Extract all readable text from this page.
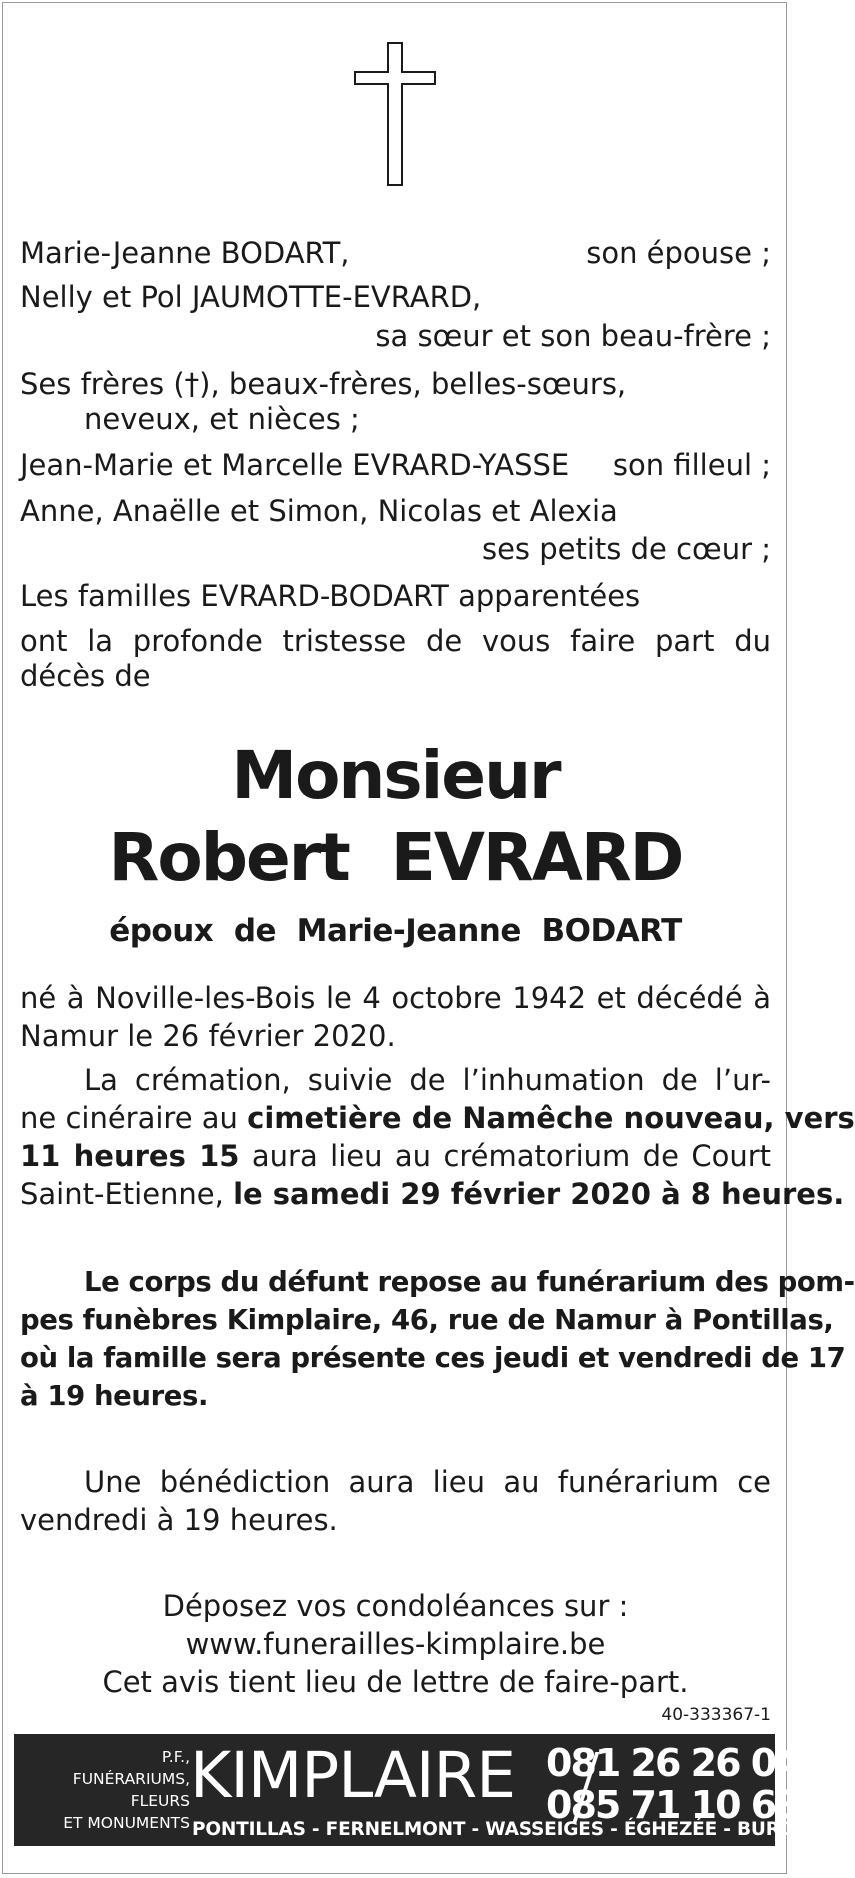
Marie-Jeanne BODART,	son épouse ;
Nelly et Pol JAUMOTTE-EVRARD,
sa sœur et son beau-frère ;
Ses frères (†), beaux-frères, belles-sœurs,
neveux, et nièces ;
Jean-Marie et Marcelle EVRARD-YASSE son filleul ;
Anne, Anaëlle et Simon, Nicolas et Alexia
ses petits de cœur ;
Les familles EVRARD-BODART apparentées
ont la profonde tristesse de vous faire part du
décès de
Monsieur
Robert  EVRARD
époux  de  Marie-Jeanne  BODART
né à Noville-les-Bois le 4 octobre 1942 et décédé à
Namur le 26 février 2020.
La crémation, suivie de l’inhumation de l’ur-
ne cinéraire au cimetière de Namêche nouveau, vers
11 heures 15 aura lieu au crématorium de Court
Saint-Etienne, le samedi 29 février 2020 à 8 heures.
Le corps du défunt repose au funérarium des pom-
pes funèbres Kimplaire, 46, rue de Namur à Pontillas,
où la famille sera présente ces jeudi et vendredi de 17
à 19 heures.
Une bénédiction aura lieu au funérarium ce
vendredi à 19 heures.
Déposez vos condoléances sur :
www.funerailles-kimplaire.be
Cet avis tient lieu de lettre de faire-part.
40-333367-1
P.F.,
FUNÉRARIUMS,
FLEURS
ET MONUMENTS
KIMPLAIRE 081 26 26 04
085 71 10 63
PONTILLAS - FERNELMONT - WASSEIGES - ÉGHEZÉE - BURDINNE
